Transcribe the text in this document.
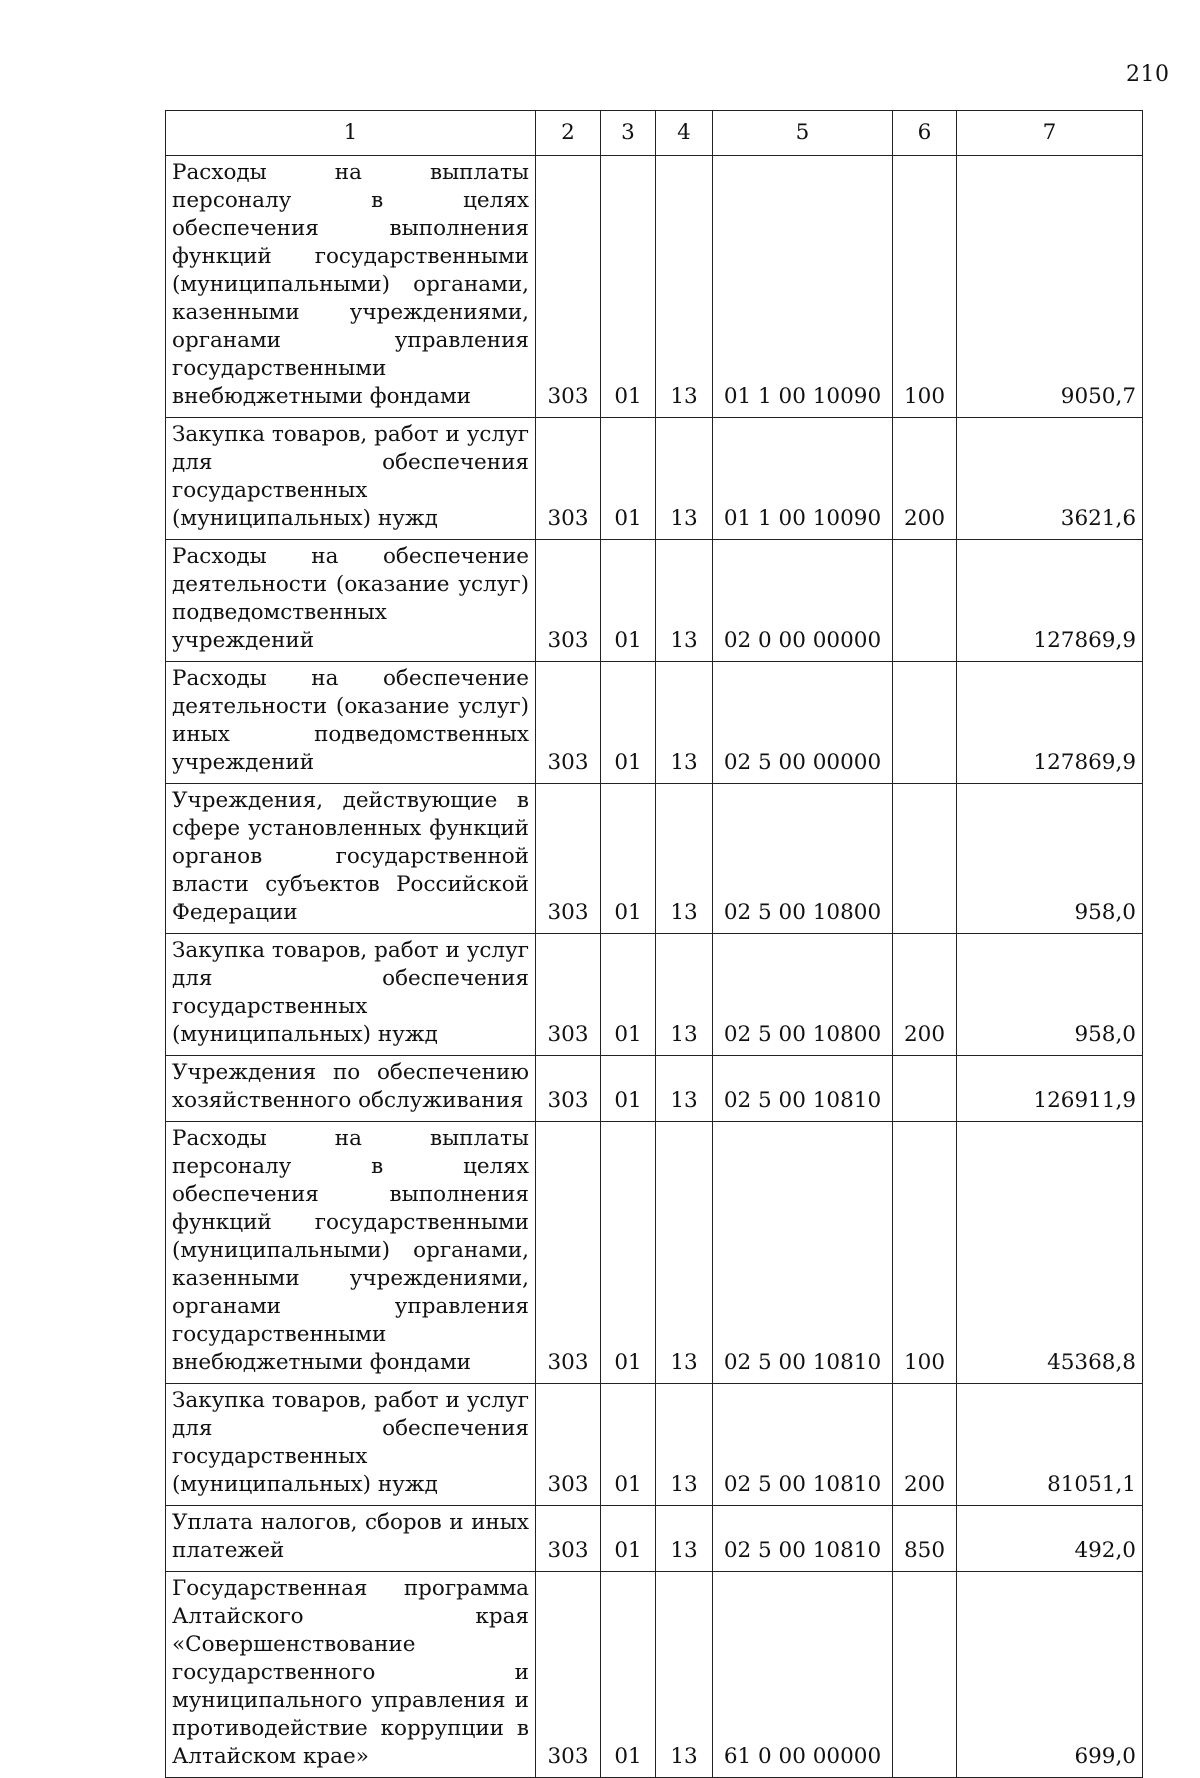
210
1	2	3	4	5	6	7
Расходы на выплаты персоналу в целях обеспечения выполнения функций государственными (муниципальными) органами, казенными учреждениями, органами управления государственными внебюджетными фондами	303	01	13	01 1 00 10090	100	9050,7
Закупка товаров, работ и услуг для обеспечения государственных (муниципальных) нужд	303	01	13	01 1 00 10090	200	3621,6
Расходы на обеспечение деятельности (оказание услуг) подведомственных учреждений	303	01	13	02 0 00 00000		127869,9
Расходы на обеспечение деятельности (оказание услуг) иных подведомственных учреждений	303	01	13	02 5 00 00000		127869,9
Учреждения, действующие в сфере установленных функций органов государственной власти субъектов Российской Федерации	303	01	13	02 5 00 10800		958,0
Закупка товаров, работ и услуг для обеспечения государственных (муниципальных) нужд	303	01	13	02 5 00 10800	200	958,0
Учреждения по обеспечению хозяйственного обслуживания	303	01	13	02 5 00 10810		126911,9
Расходы на выплаты персоналу в целях обеспечения выполнения функций государственными (муниципальными) органами, казенными учреждениями, органами управления государственными внебюджетными фондами	303	01	13	02 5 00 10810	100	45368,8
Закупка товаров, работ и услуг для обеспечения государственных (муниципальных) нужд	303	01	13	02 5 00 10810	200	81051,1
Уплата налогов, сборов и иных платежей	303	01	13	02 5 00 10810	850	492,0
Государственная программа Алтайского края «Совершенствование государственного и муниципального управления и противодействие коррупции в Алтайском крае»	303	01	13	61 0 00 00000		699,0
